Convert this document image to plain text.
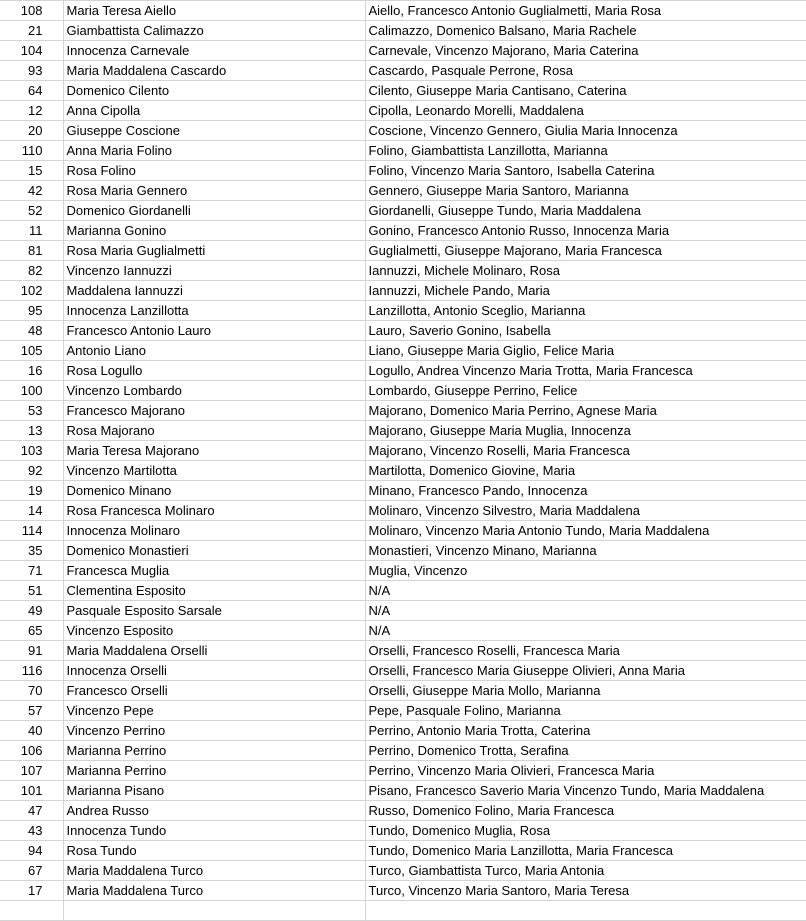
108	Maria Teresa Aiello	Aiello, Francesco Antonio Guglialmetti, Maria Rosa
21	Giambattista Calimazzo	Calimazzo, Domenico Balsano, Maria Rachele
104	Innocenza Carnevale	Carnevale, Vincenzo Majorano, Maria Caterina
93	Maria Maddalena Cascardo	Cascardo, Pasquale Perrone, Rosa
64	Domenico Cilento	Cilento, Giuseppe Maria Cantisano, Caterina
12	Anna Cipolla	Cipolla, Leonardo Morelli, Maddalena
20	Giuseppe Coscione	Coscione, Vincenzo Gennero, Giulia Maria Innocenza
110	Anna Maria Folino	Folino, Giambattista Lanzillotta, Marianna
15	Rosa Folino	Folino, Vincenzo Maria Santoro, Isabella Caterina
42	Rosa Maria Gennero	Gennero, Giuseppe Maria Santoro, Marianna
52	Domenico Giordanelli	Giordanelli, Giuseppe Tundo, Maria Maddalena
11	Marianna Gonino	Gonino, Francesco Antonio Russo, Innocenza Maria
81	Rosa Maria Guglialmetti	Guglialmetti, Giuseppe Majorano, Maria Francesca
82	Vincenzo Iannuzzi	Iannuzzi, Michele Molinaro, Rosa
102	Maddalena Iannuzzi	Iannuzzi, Michele Pando, Maria
95	Innocenza Lanzillotta	Lanzillotta, Antonio Sceglio, Marianna
48	Francesco Antonio Lauro	Lauro, Saverio Gonino, Isabella
105	Antonio Liano	Liano, Giuseppe Maria Giglio, Felice Maria
16	Rosa Logullo	Logullo, Andrea Vincenzo Maria Trotta, Maria Francesca
100	Vincenzo Lombardo	Lombardo, Giuseppe Perrino, Felice
53	Francesco Majorano	Majorano, Domenico Maria Perrino, Agnese Maria
13	Rosa Majorano	Majorano, Giuseppe Maria Muglia, Innocenza
103	Maria Teresa Majorano	Majorano, Vincenzo Roselli, Maria Francesca
92	Vincenzo Martilotta	Martilotta, Domenico Giovine, Maria
19	Domenico Minano	Minano, Francesco Pando, Innocenza
14	Rosa Francesca Molinaro	Molinaro, Vincenzo Silvestro, Maria Maddalena
114	Innocenza Molinaro	Molinaro, Vincenzo Maria Antonio Tundo, Maria Maddalena
35	Domenico Monastieri	Monastieri, Vincenzo Minano, Marianna
71	Francesca Muglia	Muglia, Vincenzo
51	Clementina Esposito	N/A
49	Pasquale Esposito Sarsale	N/A
65	Vincenzo Esposito	N/A
91	Maria Maddalena Orselli	Orselli, Francesco Roselli, Francesca Maria
116	Innocenza Orselli	Orselli, Francesco Maria Giuseppe Olivieri, Anna Maria
70	Francesco Orselli	Orselli, Giuseppe Maria Mollo, Marianna
57	Vincenzo Pepe	Pepe, Pasquale Folino, Marianna
40	Vincenzo Perrino	Perrino, Antonio Maria Trotta, Caterina
106	Marianna Perrino	Perrino, Domenico Trotta, Serafina
107	Marianna Perrino	Perrino, Vincenzo Maria Olivieri, Francesca Maria
101	Marianna Pisano	Pisano, Francesco Saverio Maria Vincenzo Tundo, Maria Maddalena
47	Andrea Russo	Russo, Domenico Folino, Maria Francesca
43	Innocenza Tundo	Tundo, Domenico Muglia, Rosa
94	Rosa Tundo	Tundo, Domenico Maria Lanzillotta, Maria Francesca
67	Maria Maddalena Turco	Turco, Giambattista Turco, Maria Antonia
17	Maria Maddalena Turco	Turco, Vincenzo Maria Santoro, Maria Teresa
